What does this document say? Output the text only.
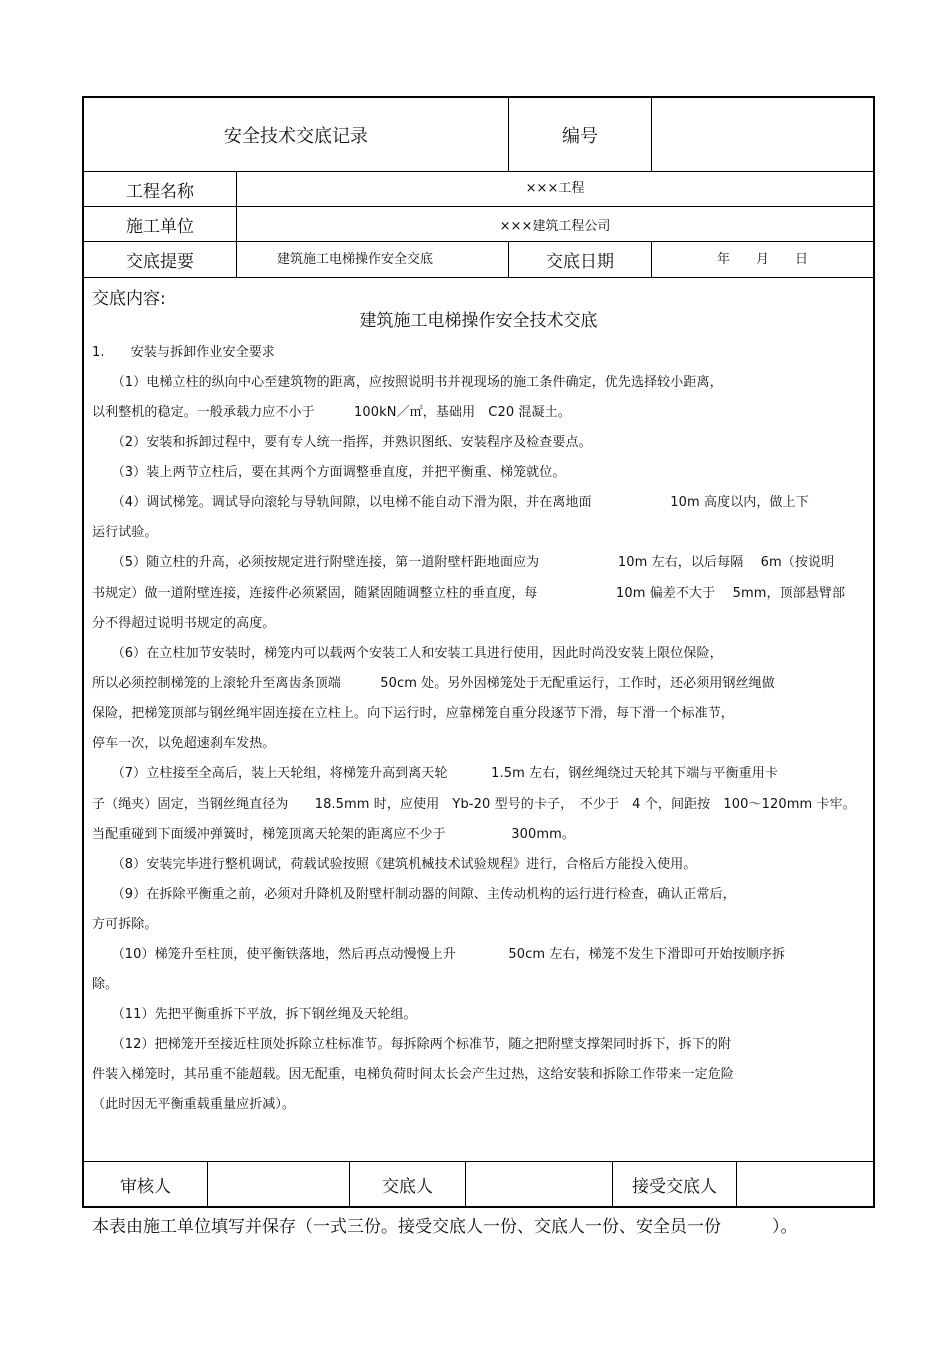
安全技术交底记录	编号
工程名称	×××工程
施工单位	×××建筑工程公司
交底提要	建筑施工电梯操作安全交底	交底日期	年　　月　　日
交底内容:
建筑施工电梯操作安全技术交底
1.　　安装与拆卸作业安全要求
　　（1）电梯立柱的纵向中心至建筑物的距离，应按照说明书并视现场的施工条件确定，优先选择较小距离，
以利整机的稳定。一般承载力应不小于　　　100kN／㎡，基础用　C20 混凝土。
　　（2）安装和拆卸过程中，要有专人统一指挥，并熟识图纸、安装程序及检查要点。
　　（3）装上两节立柱后，要在其两个方面调整垂直度，并把平衡重、梯笼就位。
　　（4）调试梯笼。调试导向滚轮与导轨间隙，以电梯不能自动下滑为限，并在离地面　　　　　　10m 高度以内，做上下
运行试验。
　　（5）随立柱的升高，必须按规定进行附壁连接，第一道附壁杆距地面应为　　　　　　10m 左右，以后每隔　 6m（按说明
书规定）做一道附壁连接，连接件必须紧固，随紧固随调整立柱的垂直度，每　　　　　　10m 偏差不大于　 5mm，顶部悬臂部
分不得超过说明书规定的高度。
　　（6）在立柱加节安装时，梯笼内可以载两个安装工人和安装工具进行使用，因此时尚没安装上限位保险，
所以必须控制梯笼的上滚轮升至离齿条顶端　　　50cm 处。另外因梯笼处于无配重运行，工作时，还必须用钢丝绳做
保险，把梯笼顶部与钢丝绳牢固连接在立柱上。向下运行时，应靠梯笼自重分段逐节下滑，每下滑一个标准节，
停车一次，以免超速刹车发热。
　　（7）立柱接至全高后，装上天轮组，将梯笼升高到离天轮　　　 1.5m 左右，钢丝绳绕过天轮其下端与平衡重用卡
子（绳夹）固定，当钢丝绳直径为　　18.5mm 时，应使用　Yb-20 型号的卡子，　不少于　4 个，间距按　100～120mm 卡牢。
当配重碰到下面缓冲弹簧时，梯笼顶离天轮架的距离应不少于　　　　　300mm。
　　（8）安装完毕进行整机调试，荷载试验按照《建筑机械技术试验规程》进行，合格后方能投入使用。
　　（9）在拆除平衡重之前，必须对升降机及附壁杆制动器的间隙、主传动机构的运行进行检查，确认正常后，
方可拆除。
　　（10）梯笼升至柱顶，使平衡铁落地，然后再点动慢慢上升　　　　50cm 左右，梯笼不发生下滑即可开始按顺序拆
除。
　　（11）先把平衡重拆下平放，拆下钢丝绳及天轮组。
　　（12）把梯笼开至接近柱顶处拆除立柱标准节。每拆除两个标准节，随之把附壁支撑架同时拆下，拆下的附
件装入梯笼时，其吊重不能超载。因无配重，电梯负荷时间太长会产生过热，这给安装和拆除工作带来一定危险
（此时因无平衡重载重量应折减）。
审核人	交底人	接受交底人
本表由施工单位填写并保存（一式三份。接受交底人一份、交底人一份、安全员一份　　　）。
